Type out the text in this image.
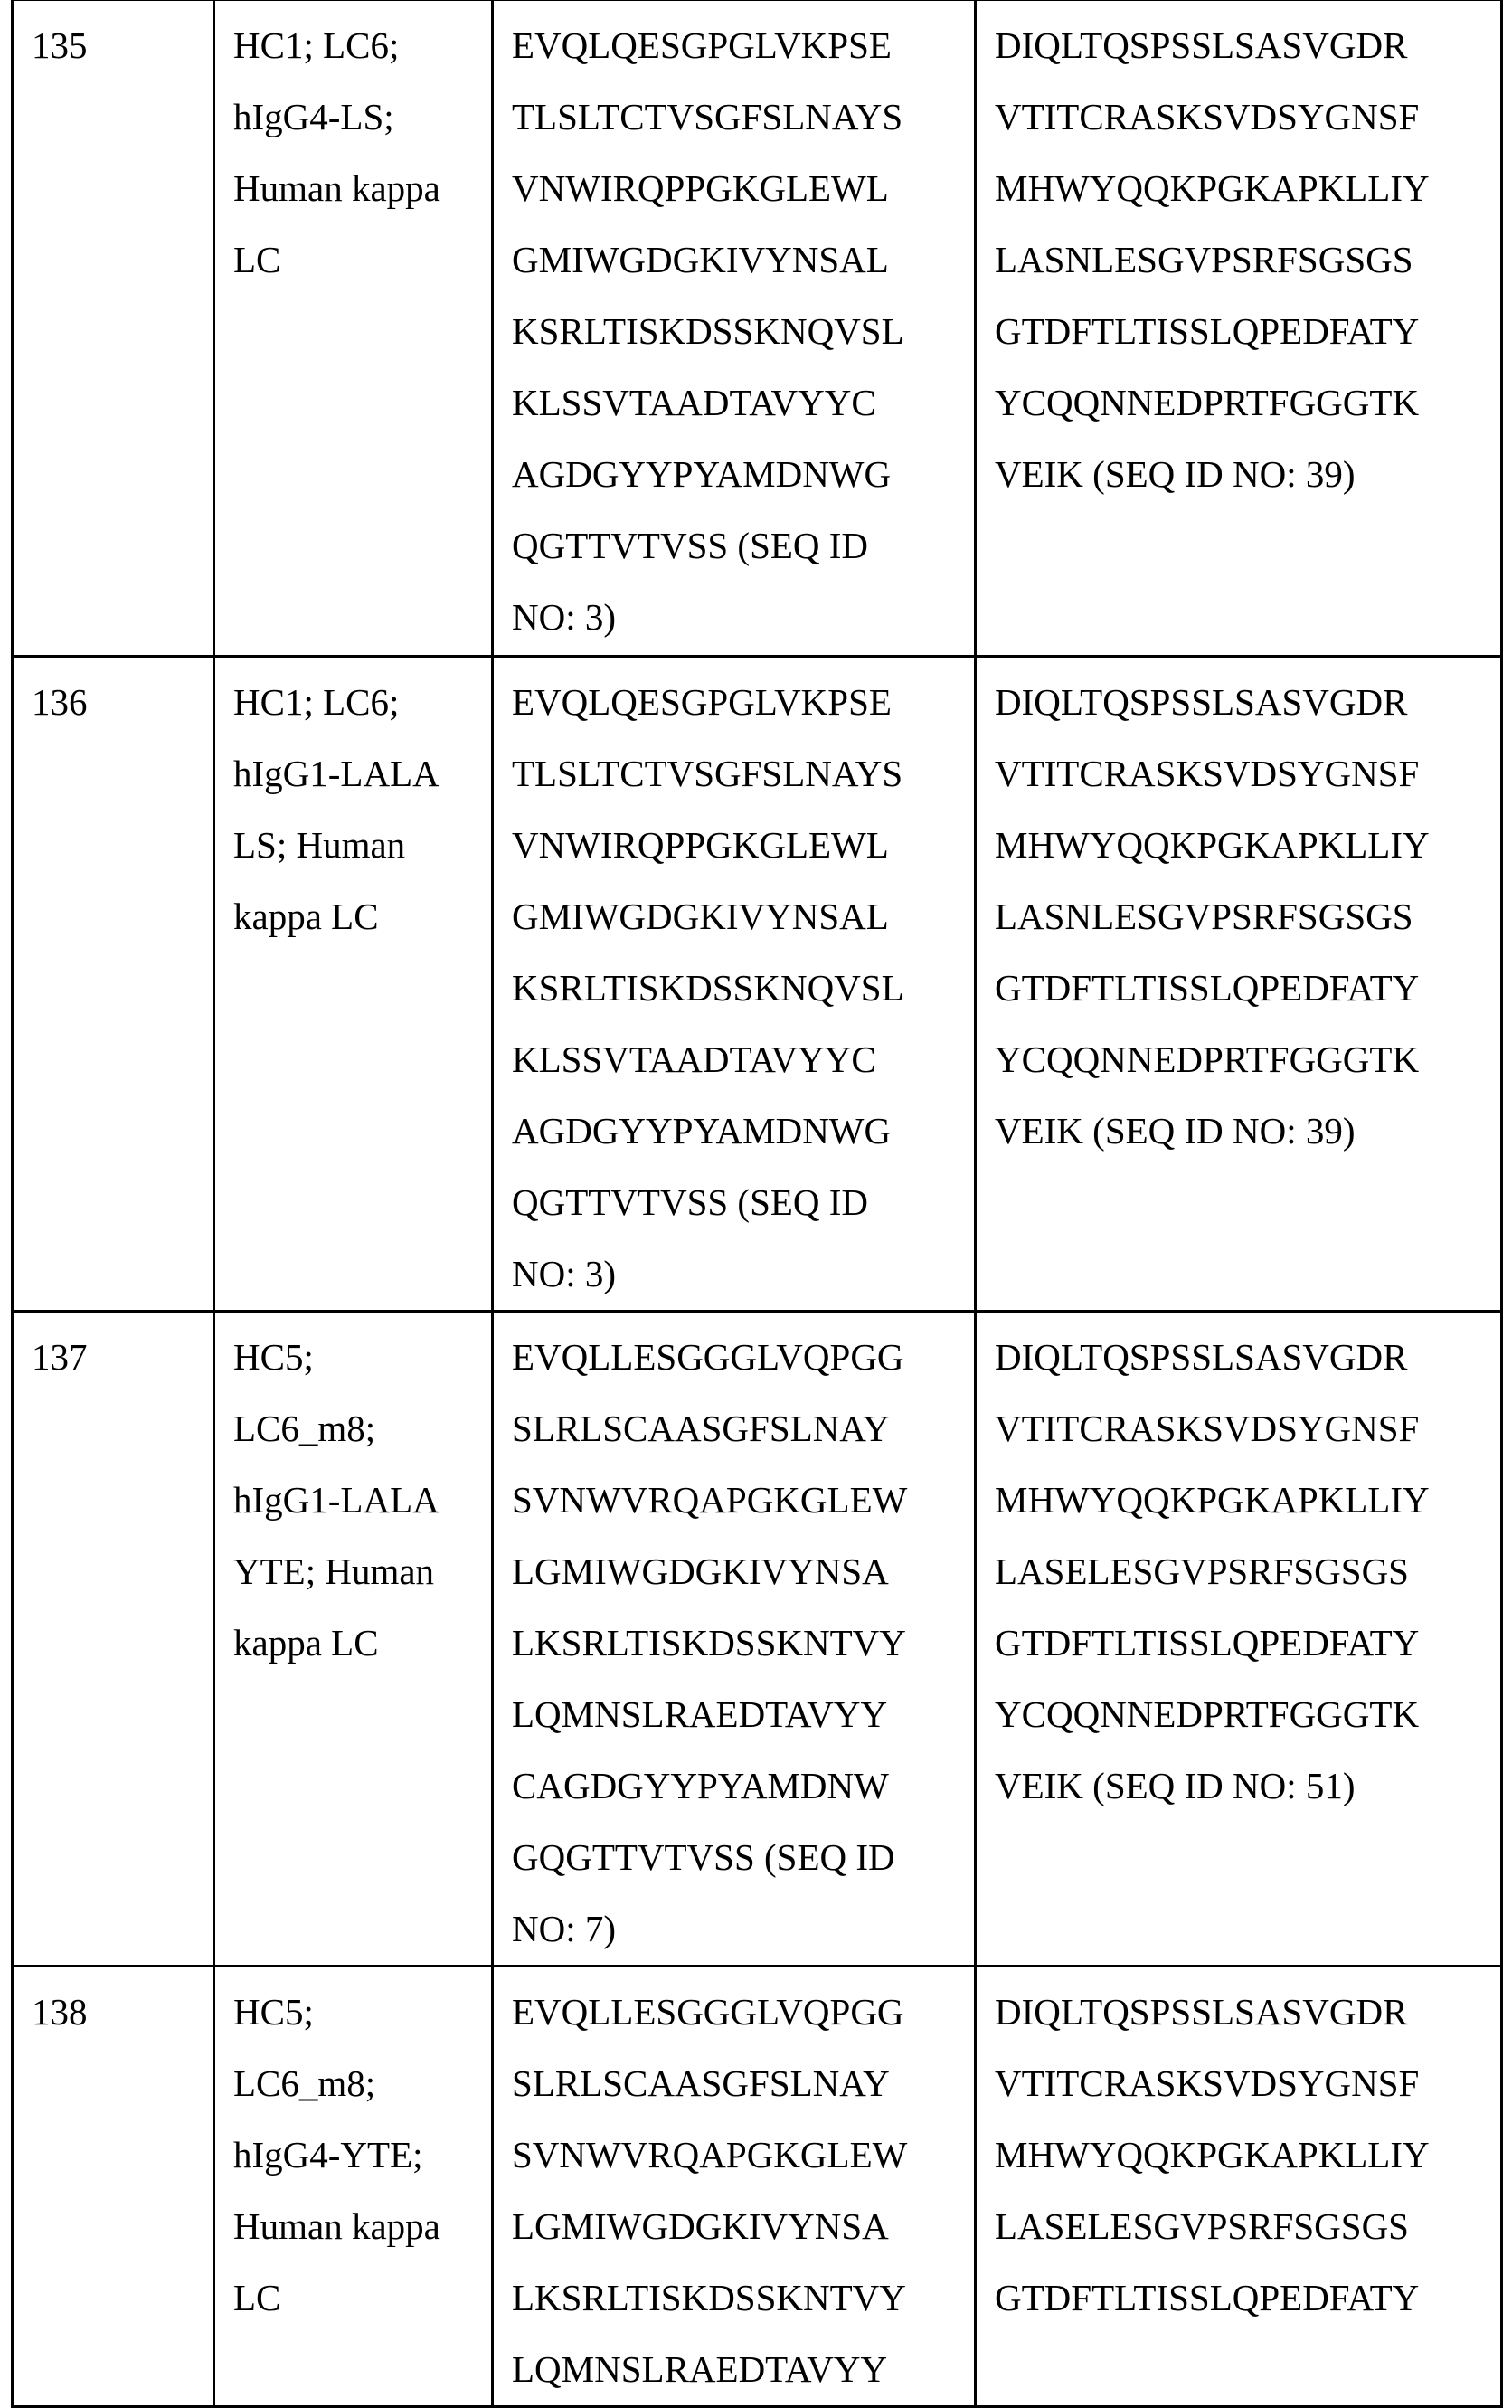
135	HC1; LC6;
hIgG4-LS;
Human kappa
LC

EVQLQESGPGLVKPSE
TLSLTCTVSGFSLNAYS
VNWIRQPPGKGLEWL
GMIWGDGKIVYNSAL
KSRLTISKDSSKNQVSL
KLSSVTAADTAVYYC
AGDGYYPYAMDNWG
QGTTVTVSS (SEQ ID
NO: 3)

DIQLTQSPSSLSASVGDR
VTITCRASKSVDSYGNSF
MHWYQQKPGKAPKLLIY
LASNLESGVPSRFSGSGS
GTDFTLTISSLQPEDFATY
YCQQNNEDPRTFGGGTK
VEIK (SEQ ID NO: 39)

136	HC1; LC6;
hIgG1-LALA
LS; Human
kappa LC

EVQLQESGPGLVKPSE
TLSLTCTVSGFSLNAYS
VNWIRQPPGKGLEWL
GMIWGDGKIVYNSAL
KSRLTISKDSSKNQVSL
KLSSVTAADTAVYYC
AGDGYYPYAMDNWG
QGTTVTVSS (SEQ ID
NO: 3)

DIQLTQSPSSLSASVGDR
VTITCRASKSVDSYGNSF
MHWYQQKPGKAPKLLIY
LASNLESGVPSRFSGSGS
GTDFTLTISSLQPEDFATY
YCQQNNEDPRTFGGGTK
VEIK (SEQ ID NO: 39)

137	HC5;
LC6_m8;
hIgG1-LALA
YTE; Human
kappa LC

EVQLLESGGGLVQPGG
SLRLSCAASGFSLNAY
SVNWVRQAPGKGLEW
LGMIWGDGKIVYNSA
LKSRLTISKDSSKNTVY
LQMNSLRAEDTAVYY
CAGDGYYPYAMDNW
GQGTTVTVSS (SEQ ID
NO: 7)

DIQLTQSPSSLSASVGDR
VTITCRASKSVDSYGNSF
MHWYQQKPGKAPKLLIY
LASELESGVPSRFSGSGS
GTDFTLTISSLQPEDFATY
YCQQNNEDPRTFGGGTK
VEIK (SEQ ID NO: 51)

138	HC5;
LC6_m8;
hIgG4-YTE;
Human kappa
LC

EVQLLESGGGLVQPGG
SLRLSCAASGFSLNAY
SVNWVRQAPGKGLEW
LGMIWGDGKIVYNSA
LKSRLTISKDSSKNTVY
LQMNSLRAEDTAVYY

DIQLTQSPSSLSASVGDR
VTITCRASKSVDSYGNSF
MHWYQQKPGKAPKLLIY
LASELESGVPSRFSGSGS
GTDFTLTISSLQPEDFATY
